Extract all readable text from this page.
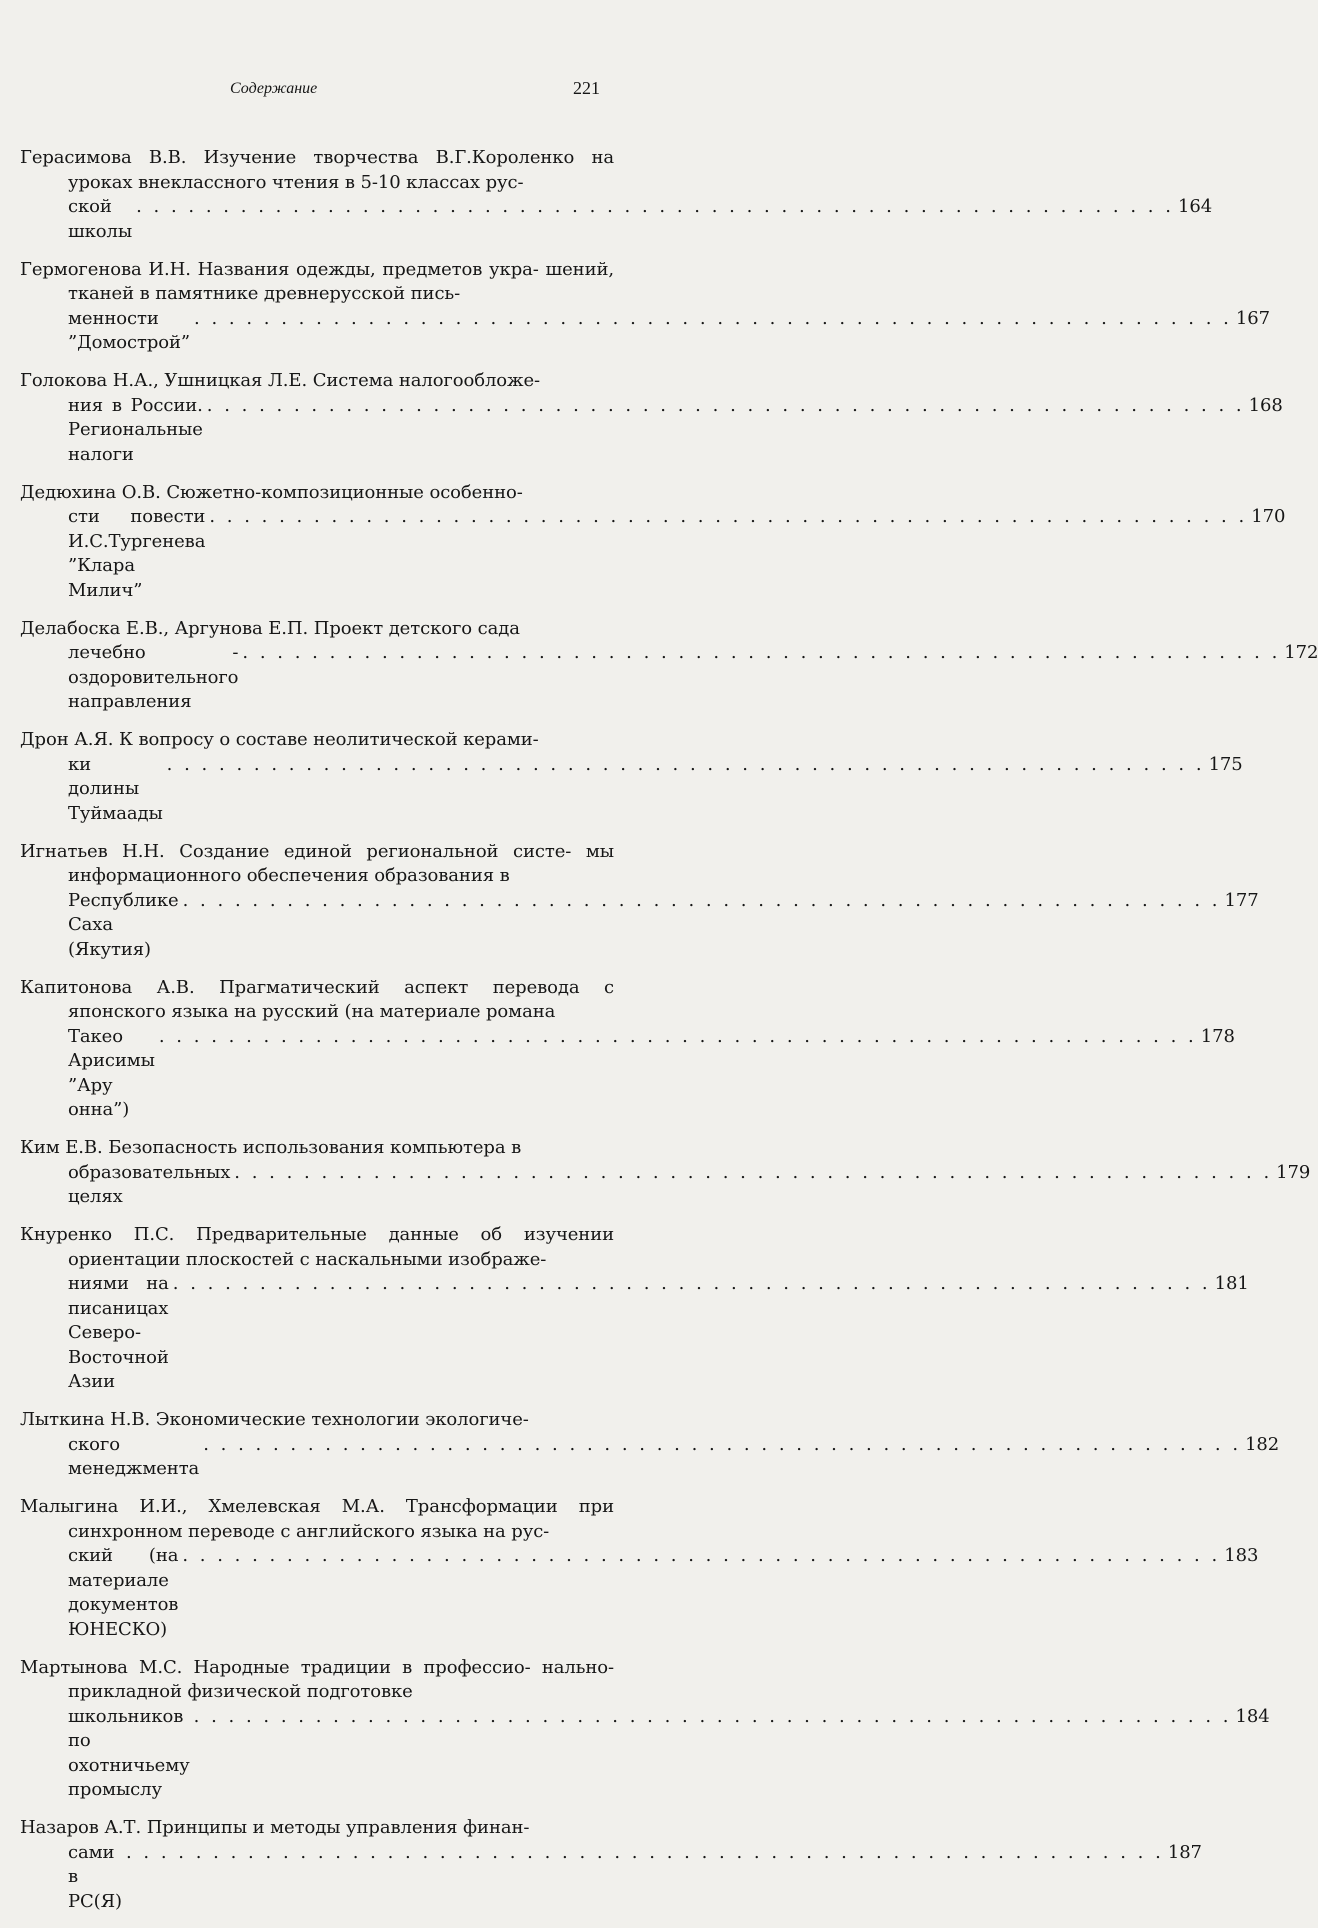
Содержание	221
Герасимова В.В. Изучение творчества В.Г.Короленко на уроках внеклассного чтения в 5-10 классах рус-
ской школы
. . . . . . . . . . . . . . . . . . . . . . . . . . . . . . . . . . . . . . . . . . . . . . . . . . . . . . . . . . . . 164
Гермогенова И.Н. Названия одежды, предметов укра- шений, тканей в памятнике древнерусской пись-
менности ”Домострой”
. . . . . . . . . . . . . . . . . . . . . . . . . . . . . . . . . . . . . . . . . . . . . . . . . . . . . . . . . . . . 167
Голокова Н.А., Ушницкая Л.Е. Система налогообложе-
ния в России. Региональные налоги
. . . . . . . . . . . . . . . . . . . . . . . . . . . . . . . . . . . . . . . . . . . . . . . . . . . . . . . . . . . . 168
Дедюхина О.В. Сюжетно-композиционные особенно-
сти повести И.С.Тургенева ”Клара Милич”
. . . . . . . . . . . . . . . . . . . . . . . . . . . . . . . . . . . . . . . . . . . . . . . . . . . . . . . . . . . . 170
Делабоска Е.В., Аргунова Е.П. Проект детского сада
лечебно - оздоровительного направления
. . . . . . . . . . . . . . . . . . . . . . . . . . . . . . . . . . . . . . . . . . . . . . . . . . . . . . . . . . . . 172
Дрон А.Я. К вопросу о составе неолитической керами-
ки долины Туймаады
. . . . . . . . . . . . . . . . . . . . . . . . . . . . . . . . . . . . . . . . . . . . . . . . . . . . . . . . . . . . 175
Игнатьев Н.Н. Создание единой региональной систе- мы информационного обеспечения образования в
Республике Саха (Якутия)
. . . . . . . . . . . . . . . . . . . . . . . . . . . . . . . . . . . . . . . . . . . . . . . . . . . . . . . . . . . . 177
Капитонова А.В. Прагматический аспект перевода с японского языка на русский (на материале романа
Такео Арисимы ”Ару онна”)
. . . . . . . . . . . . . . . . . . . . . . . . . . . . . . . . . . . . . . . . . . . . . . . . . . . . . . . . . . . . 178
Ким Е.В. Безопасность использования компьютера в
образовательных целях
. . . . . . . . . . . . . . . . . . . . . . . . . . . . . . . . . . . . . . . . . . . . . . . . . . . . . . . . . . . . 179
Кнуренко П.С. Предварительные данные об изучении ориентации плоскостей с наскальными изображе-
ниями на писаницах Северо-Восточной Азии
. . . . . . . . . . . . . . . . . . . . . . . . . . . . . . . . . . . . . . . . . . . . . . . . . . . . . . . . . . . . 181
Лыткина Н.В. Экономические технологии экологиче-
ского менеджмента
. . . . . . . . . . . . . . . . . . . . . . . . . . . . . . . . . . . . . . . . . . . . . . . . . . . . . . . . . . . . 182
Малыгина И.И., Хмелевская М.А. Трансформации при синхронном переводе с английского языка на рус-
ский (на материале документов ЮНЕСКО)
. . . . . . . . . . . . . . . . . . . . . . . . . . . . . . . . . . . . . . . . . . . . . . . . . . . . . . . . . . . . 183
Мартынова М.С. Народные традиции в профессио- нально-прикладной физической подготовке
школьников по охотничьему промыслу
. . . . . . . . . . . . . . . . . . . . . . . . . . . . . . . . . . . . . . . . . . . . . . . . . . . . . . . . . . . . 184
Назаров А.Т. Принципы и методы управления финан-
сами в РС(Я)
. . . . . . . . . . . . . . . . . . . . . . . . . . . . . . . . . . . . . . . . . . . . . . . . . . . . . . . . . . . . 187
